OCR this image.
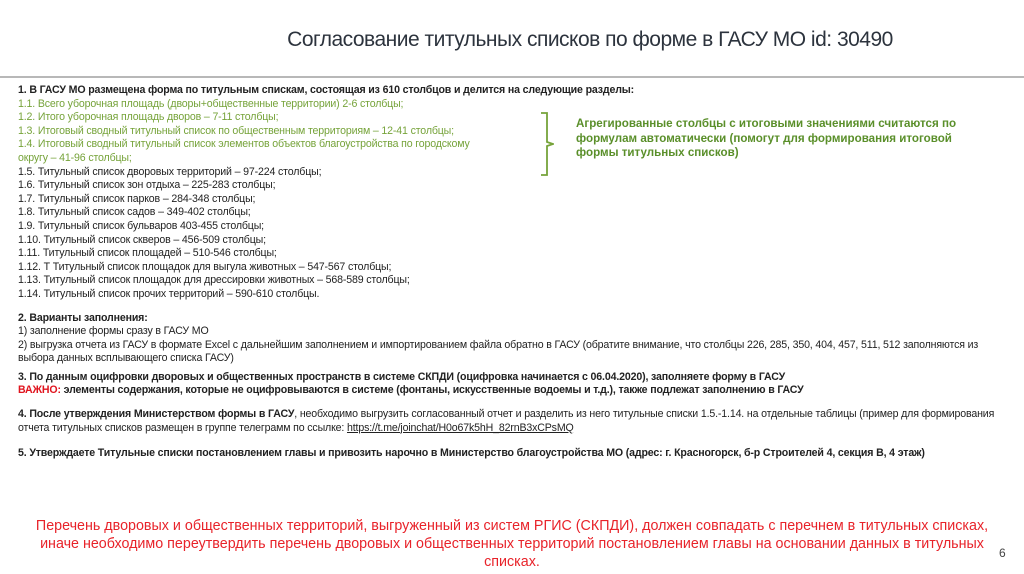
Согласование титульных списков по форме в ГАСУ МО id: 30490
1. В ГАСУ МО размещена форма по титульным спискам, состоящая из 610 столбцов и делится на следующие разделы:
1.1. Всего уборочная площадь (дворы+общественные территории) 2-6 столбцы;
1.2. Итого уборочная площадь дворов – 7-11 столбцы;
1.3. Итоговый сводный титульный список по общественным территориям – 12-41 столбцы;
1.4. Итоговый сводный титульный список элементов объектов благоустройства по городскому округу – 41-96 столбцы;
1.5. Титульный список дворовых территорий – 97-224 столбцы;
1.6. Титульный список зон отдыха – 225-283 столбцы;
1.7. Титульный список парков – 284-348 столбцы;
1.8. Титульный список садов – 349-402 столбцы;
1.9. Титульный список бульваров 403-455 столбцы;
1.10. Титульный список скверов – 456-509 столбцы;
1.11. Титульный список площадей – 510-546 столбцы;
1.12. Т Титульный список площадок для выгула животных – 547-567 столбцы;
1.13. Титульный список площадок для дрессировки животных – 568-589 столбцы;
1.14. Титульный список прочих территорий – 590-610 столбцы.
2. Варианты заполнения:
1) заполнение формы сразу в ГАСУ МО
2) выгрузка отчета из ГАСУ в формате Excel с дальнейшим заполнением и импортированием файла обратно в ГАСУ (обратите внимание, что столбцы 226, 285, 350, 404, 457, 511, 512 заполняются из выбора данных всплывающего списка ГАСУ)
3. По данным оцифровки дворовых и общественных пространств в системе СКПДИ (оцифровка начинается с 06.04.2020), заполняете форму в ГАСУ
ВАЖНО: элементы содержания, которые не оцифровываются в системе (фонтаны, искусственные водоемы и т.д.), также подлежат заполнению в ГАСУ
4. После утверждения Министерством формы в ГАСУ, необходимо выгрузить согласованный отчет и разделить из него титульные списки 1.5.-1.14. на отдельные таблицы (пример для формирования отчета титульных списков размещен в группе телеграмм по ссылке: https://t.me/joinchat/H0o67k5hH_82rnB3xCPsMQ
5. Утверждаете Титульные списки постановлением главы и привозить нарочно в Министерство благоустройства МО (адрес: г. Красногорск, б-р Строителей 4, секция В, 4 этаж)
Агрегированные столбцы с итоговыми значениями считаются по формулам автоматически (помогут для формирования итоговой формы титульных списков)
Перечень дворовых и общественных территорий, выгруженный из систем РГИС (СКПДИ), должен совпадать с перечнем в титульных списках, иначе необходимо переутвердить перечень дворовых и общественных территорий постановлением главы на основании данных в титульных списках.
6
